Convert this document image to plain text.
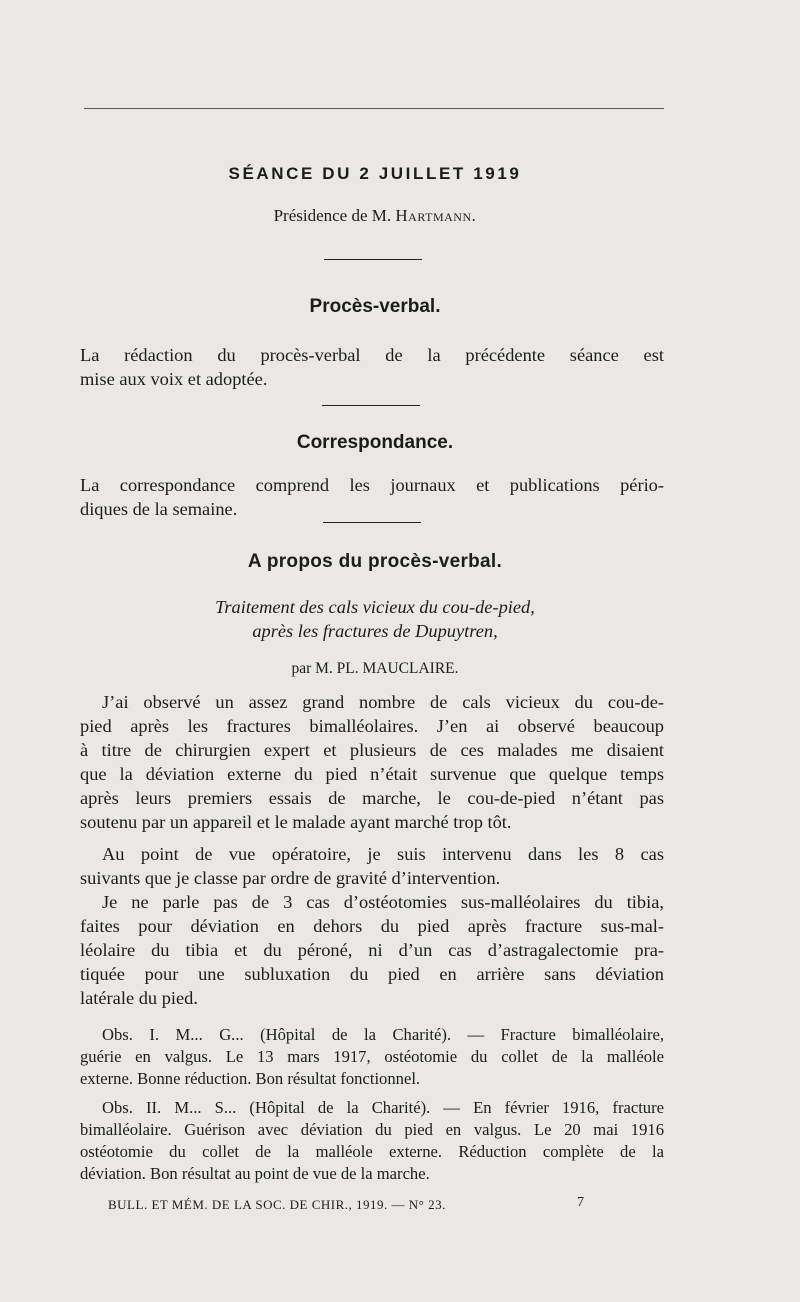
SÉANCE DU 2 JUILLET 1919
Présidence de M. Hartmann.
Procès-verbal.
La rédaction du procès-verbal de la précédente séance est
mise aux voix et adoptée.
Correspondance.
La correspondance comprend les journaux et publications pério-
diques de la semaine.
A propos du procès-verbal.
Traitement des cals vicieux du cou-de-pied,
après les fractures de Dupuytren,
par M. PL. MAUCLAIRE.
J’ai observé un assez grand nombre de cals vicieux du cou-de-
pied après les fractures bimalléolaires. J’en ai observé beaucoup
à titre de chirurgien expert et plusieurs de ces malades me disaient
que la déviation externe du pied n’était survenue que quelque temps
après leurs premiers essais de marche, le cou-de-pied n’étant pas
soutenu par un appareil et le malade ayant marché trop tôt.
Au point de vue opératoire, je suis intervenu dans les 8 cas
suivants que je classe par ordre de gravité d’intervention.
Je ne parle pas de 3 cas d’ostéotomies sus-malléolaires du tibia,
faites pour déviation en dehors du pied après fracture sus-mal-
léolaire du tibia et du péroné, ni d’un cas d’astragalectomie pra-
tiquée pour une subluxation du pied en arrière sans déviation
latérale du pied.
Obs. I. M... G... (Hôpital de la Charité). — Fracture bimalléolaire,
guérie en valgus. Le 13 mars 1917, ostéotomie du collet de la malléole
externe. Bonne réduction. Bon résultat fonctionnel.
Obs. II. M... S... (Hôpital de la Charité). — En février 1916, fracture
bimalléolaire. Guérison avec déviation du pied en valgus. Le 20 mai 1916
ostéotomie du collet de la malléole externe. Réduction complète de la
déviation. Bon résultat au point de vue de la marche.
BULL. ET MÉM. DE LA SOC. DE CHIR., 1919. — N° 23.	7
